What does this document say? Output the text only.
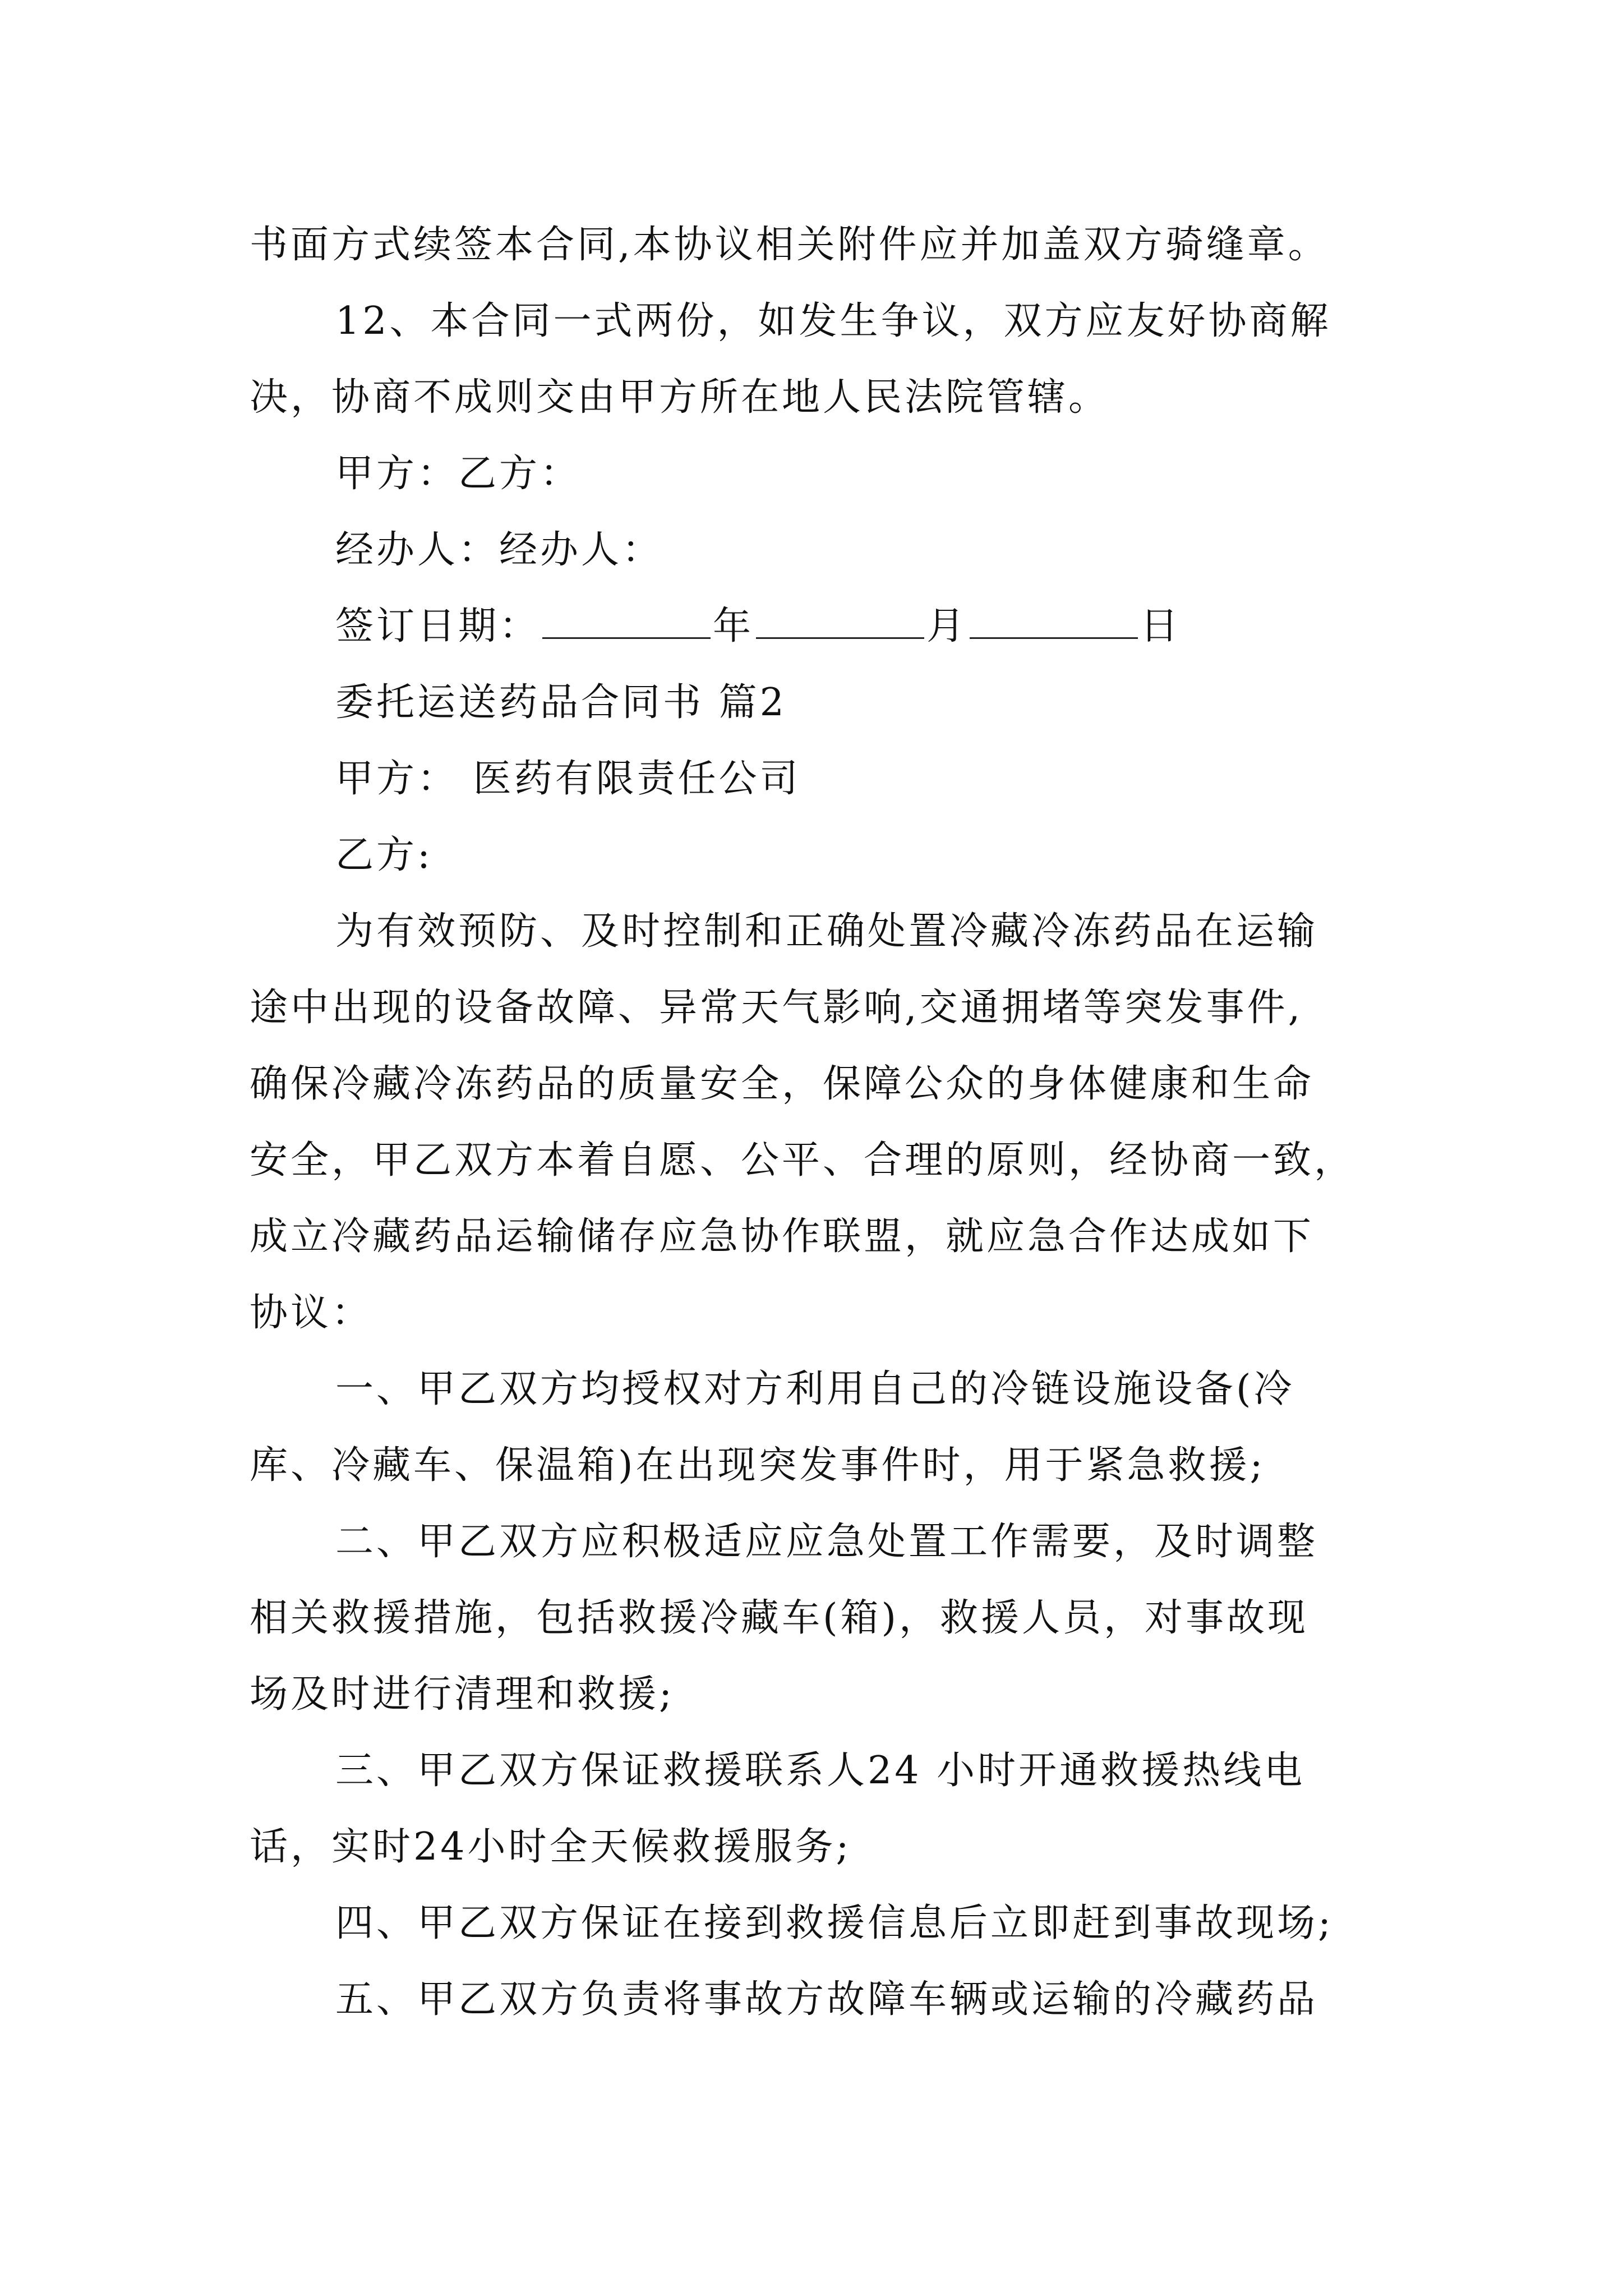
书面方式续签本合同,本协议相关附件应并加盖双方骑缝章。
12、本合同一式两份，如发生争议，双方应友好协商解
决，协商不成则交由甲方所在地人民法院管辖。
甲方：乙方：
经办人：经办人：
签订日期：	年	月	日
委托运送药品合同书 篇2
甲方： 医药有限责任公司
乙方:
为有效预防、及时控制和正确处置冷藏冷冻药品在运输
途中出现的设备故障、异常天气影响,交通拥堵等突发事件,
确保冷藏冷冻药品的质量安全，保障公众的身体健康和生命
安全，甲乙双方本着自愿、公平、合理的原则，经协商一致，
成立冷藏药品运输储存应急协作联盟，就应急合作达成如下
协议：
一、甲乙双方均授权对方利用自己的冷链设施设备(冷
库、冷藏车、保温箱)在出现突发事件时，用于紧急救援;
二、甲乙双方应积极适应应急处置工作需要，及时调整
相关救援措施，包括救援冷藏车(箱)，救援人员，对事故现
场及时进行清理和救援;
三、甲乙双方保证救援联系人24 小时开通救援热线电
话，实时24小时全天候救援服务;
四、甲乙双方保证在接到救援信息后立即赶到事故现场;
五、甲乙双方负责将事故方故障车辆或运输的冷藏药品
